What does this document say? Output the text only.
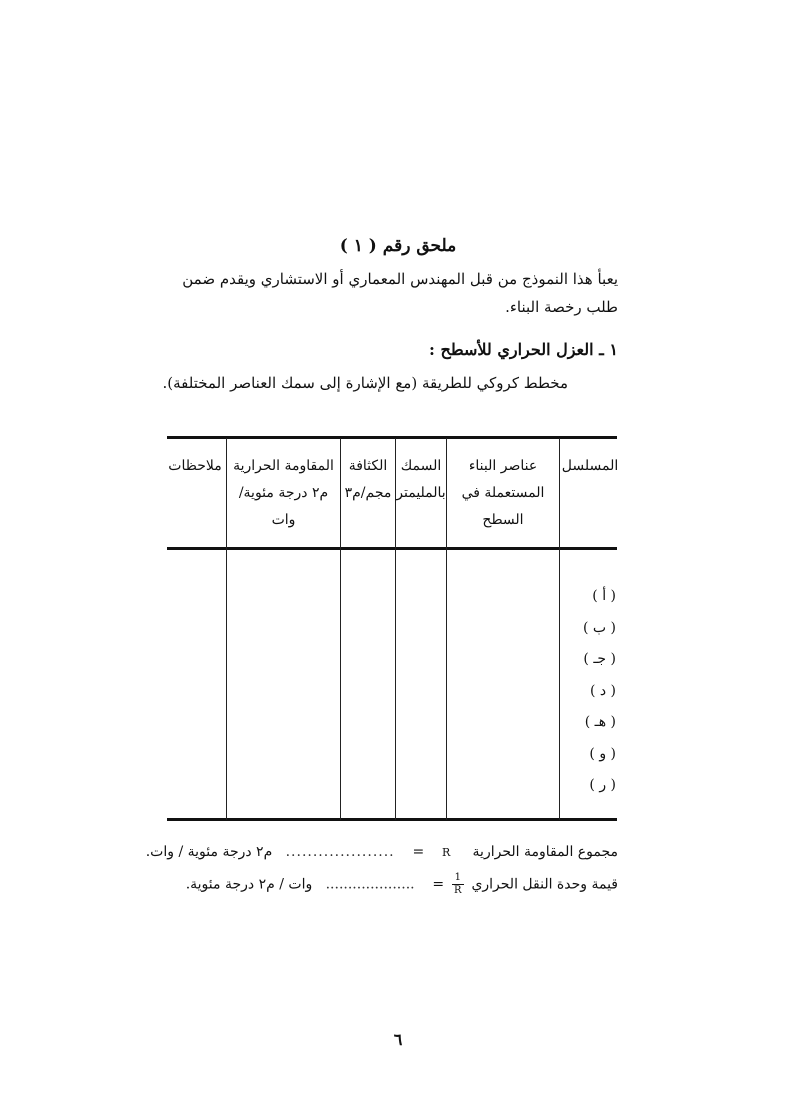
ملحق رقم ( ١ )
يعبأ هذا النموذج من قبل المهندس المعماري أو الاستشاري ويقدم ضمن
طلب رخصة البناء.
١ ـ العزل الحراري للأسطح :
مخطط كروكي للطريقة (مع الإشارة إلى سمك العناصر المختلفة).
المسلسل
عناصر البناء
المستعملة في السطح
السمك
بالمليمتر
الكثافة
مجم/م٣
المقاومة الحرارية
م٢ درجة مئوية/
وات
ملاحظات
( أ )
( ب )
( جـ )
( د )
( هـ )
( و )
( ر )
مجموع المقاومة الحرارية     R    =    ....................   م٢ درجة مئوية / وات.
قيمة وحدة النقل الحراري
$\frac{1}{R}$
=    ....................   وات / م٢ درجة مئوية.
٦
